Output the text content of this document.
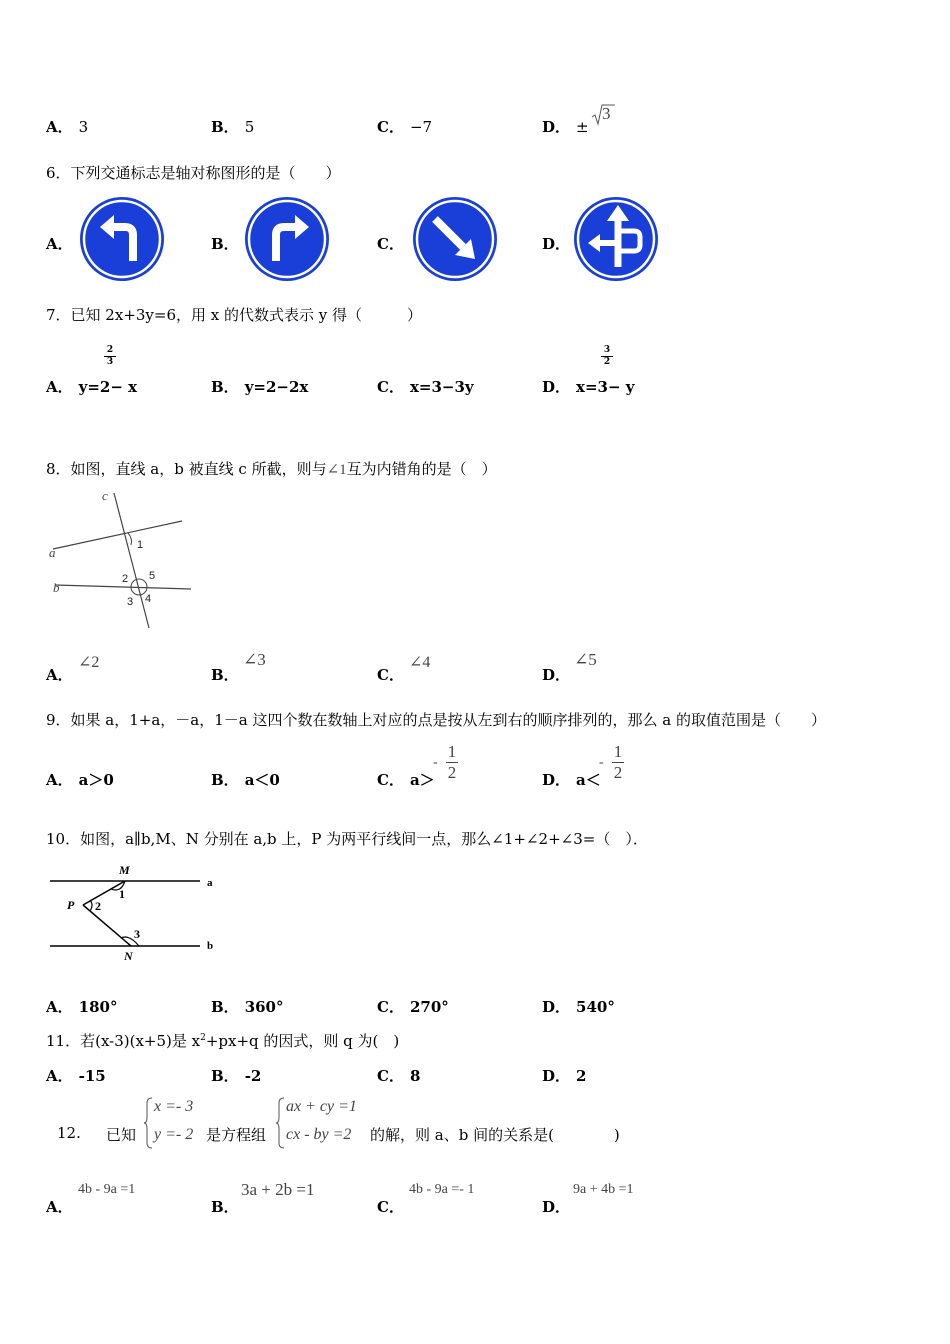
A． 3	B． 5	C． −7	D． ±
3
6．下列交通标志是轴对称图形的是（　　）
A．	B．	C．	D．
7．已知 2x+3y=6，用 x 的代数式表示 y 得（　　　）
A． y=2− x
2
3
B． y=2−2x	C． x=3−3y	D． x=3− y
3
2
8．如图，直线 a，b 被直线 c 所截，则与∠1互为内错角的是（　）
c
a
b
1
2
3 4
5
A．
∠2
B．
∠3
C．
∠4
D．
∠5
9．如果 a，1+a，－a，1－a 这四个数在数轴上对应的点是按从左到右的顺序排列的，那么 a 的取值范围是（　　）
A． a＞0	B． a＜0	C． a＞
-
1
2	D． a＜
-
1
2
10．如图，a∥b,M、N 分别在 a,b 上，P 为两平行线间一点，那么∠1+∠2+∠3=（　）．
M
N
P
a
b
1
2
3
A． 180°	B． 360°	C． 270°	D． 540°
11．若(x-3)(x+5)是 $x^2+px+q$ 的因式，则 q 为(　)
A． -15	B． -2	C． 8	D． 2
12. 已知
x =- 3
y =- 2 是方程组
ax + cy =1
cx - by =2 的解，则 a、b 间的关系是(　　　　)
A．
4b - 9a =1
B．
3a + 2b =1
C．
4b - 9a =- 1
D．
9a + 4b =1
